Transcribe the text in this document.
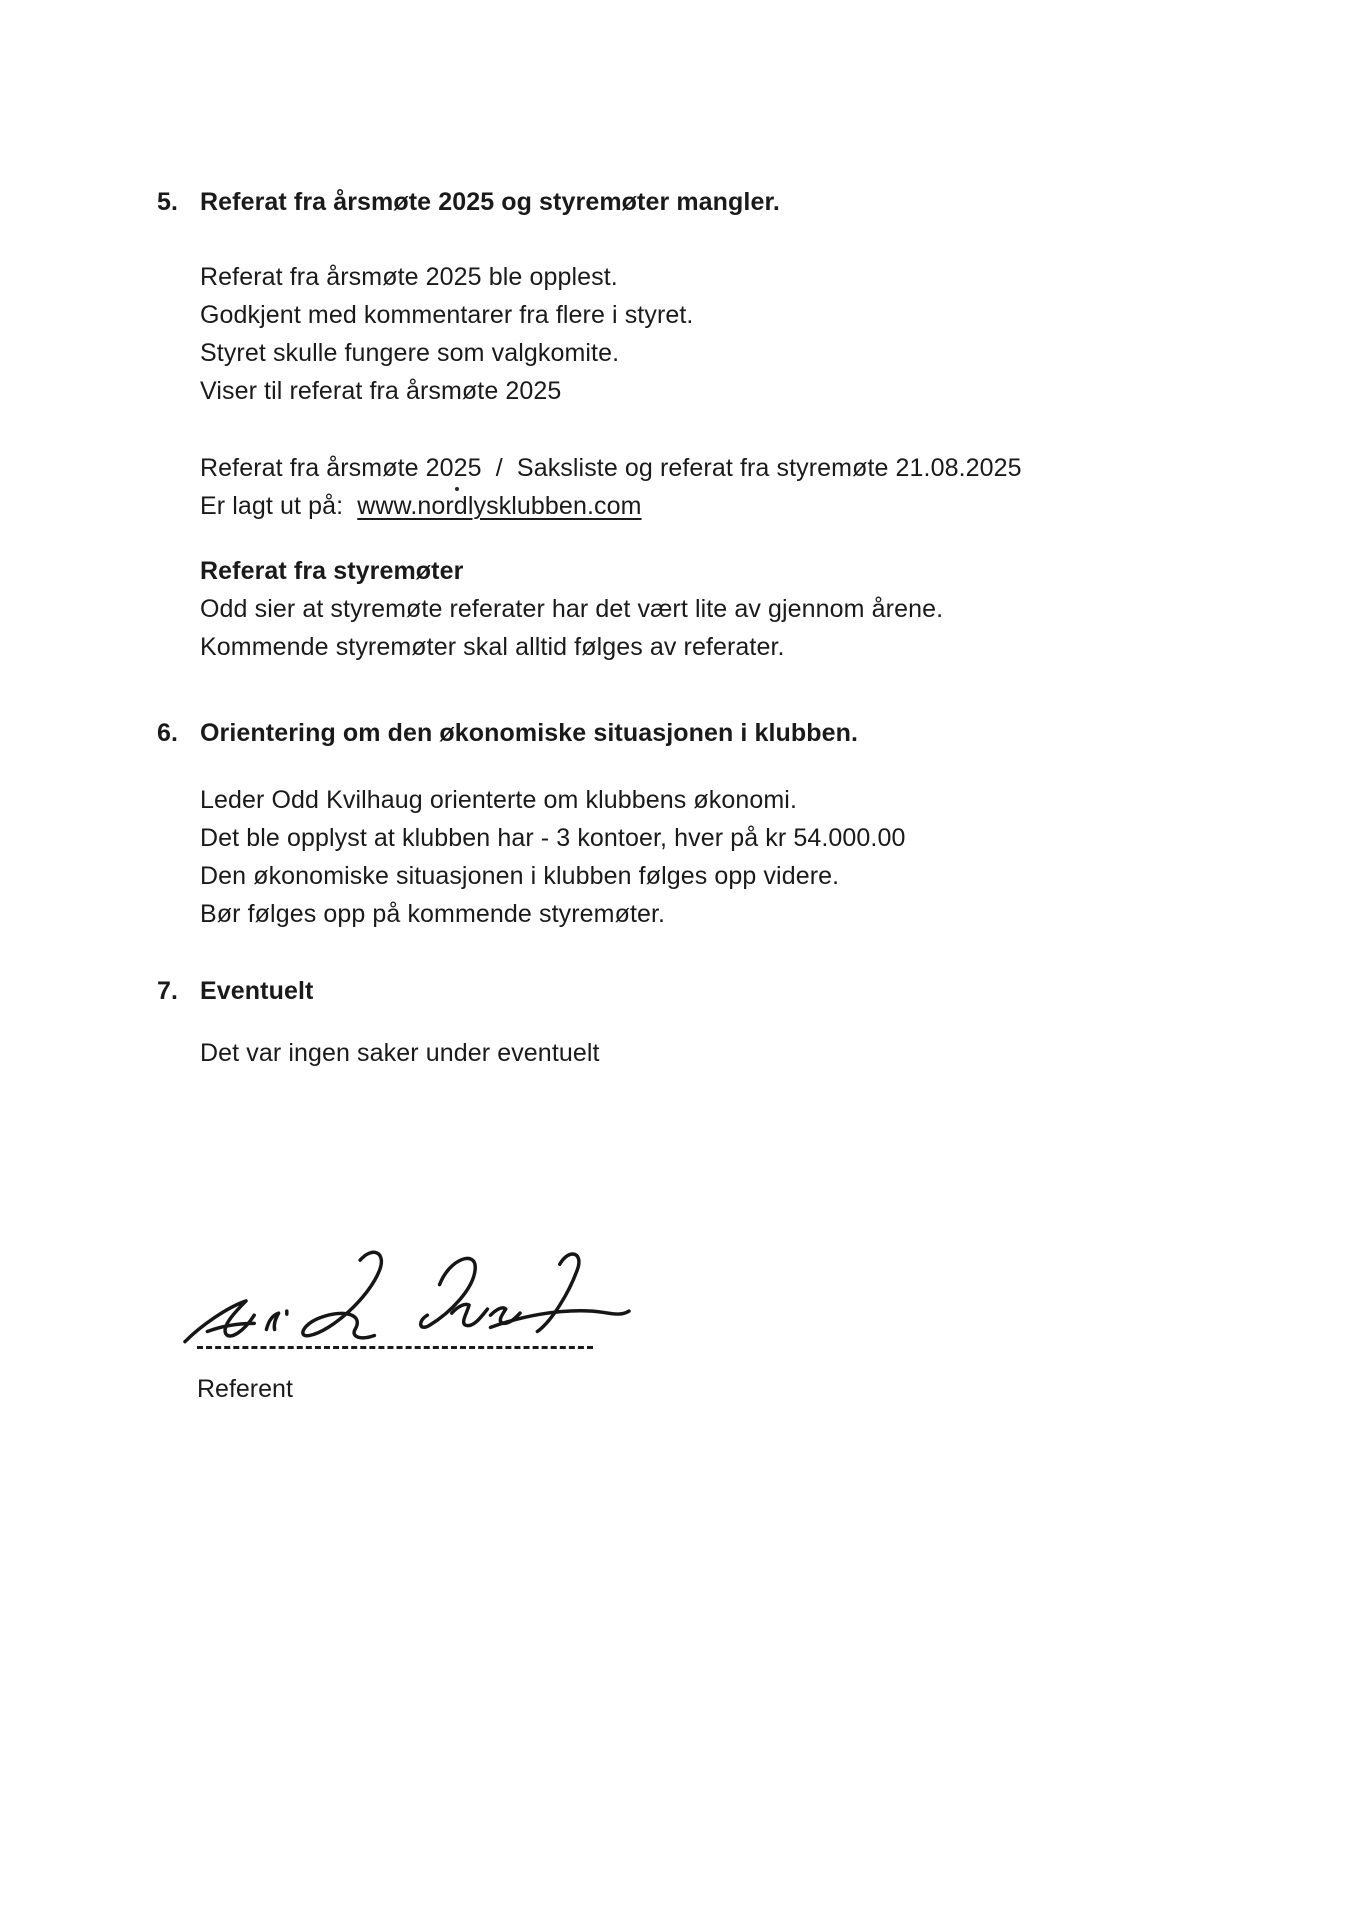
5. Referat fra årsmøte 2025 og styremøter mangler.
Referat fra årsmøte 2025 ble opplest.
Godkjent med kommentarer fra flere i styret.
Styret skulle fungere som valgkomite.
Viser til referat fra årsmøte 2025
Referat fra årsmøte 2025  /  Saksliste og referat fra styremøte 21.08.2025
Er lagt ut på:  www.nordlysklubben.com
Referat fra styremøter
Odd sier at styremøte referater har det vært lite av gjennom årene.
Kommende styremøter skal alltid følges av referater.
6. Orientering om den økonomiske situasjonen i klubben.
Leder Odd Kvilhaug orienterte om klubbens økonomi.
Det ble opplyst at klubben har - 3 kontoer, hver på kr 54.000.00
Den økonomiske situasjonen i klubben følges opp videre.
Bør følges opp på kommende styremøter.
7. Eventuelt
Det var ingen saker under eventuelt
Referent
